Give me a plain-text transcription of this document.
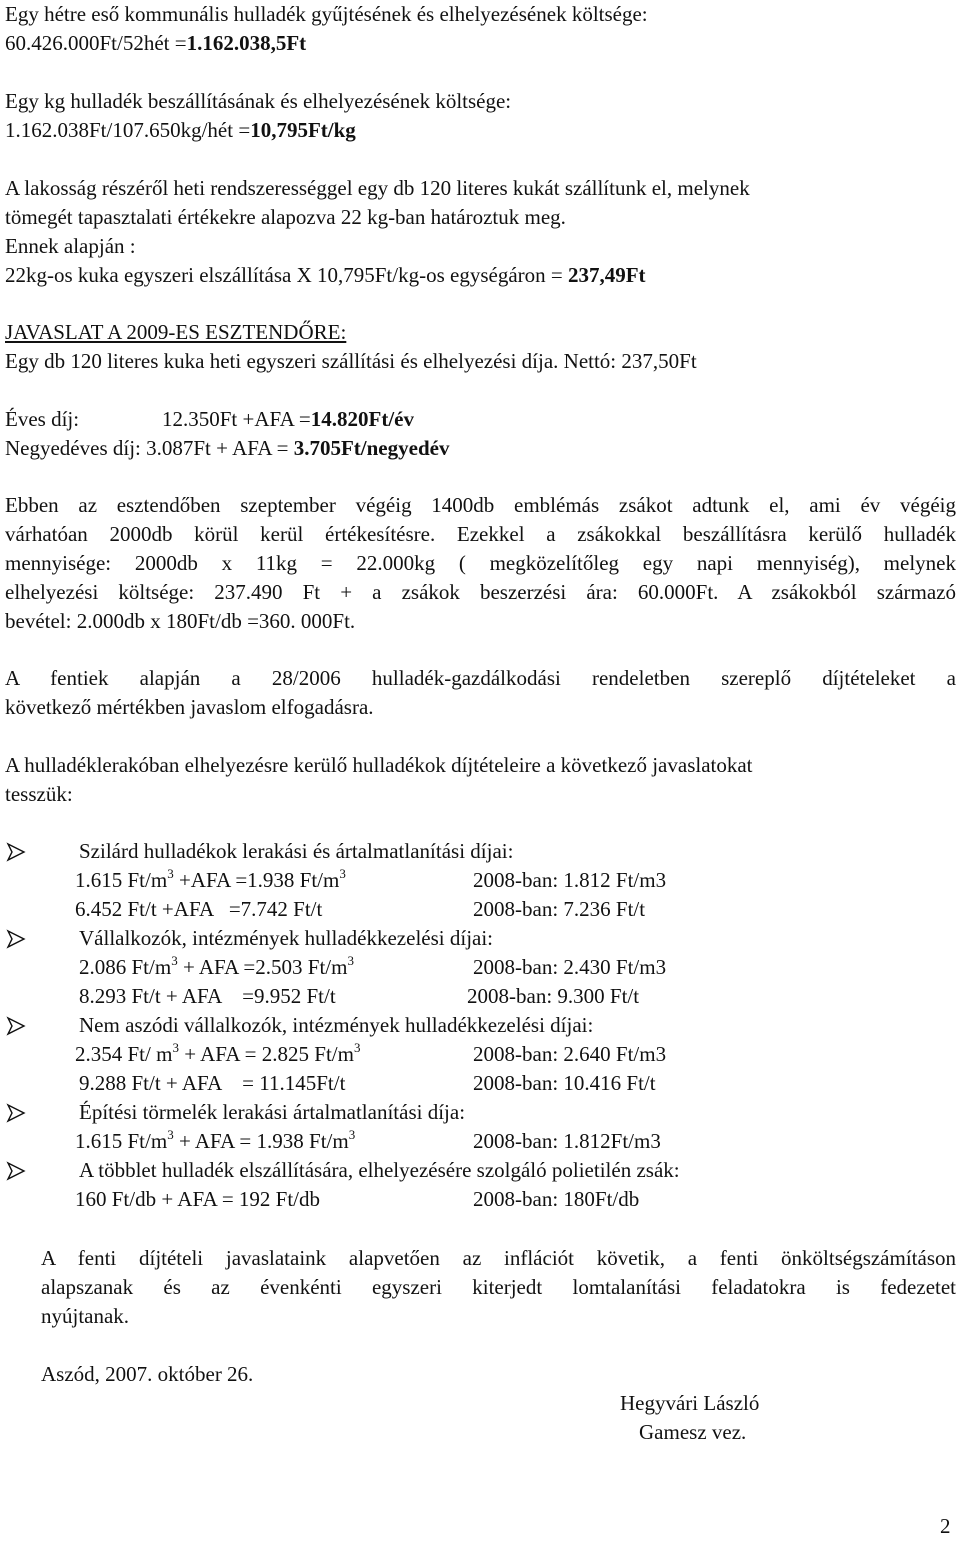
Egy hétre eső kommunális hulladék gyűjtésének és elhelyezésének költsége:
60.426.000Ft/52hét =1.162.038,5Ft
Egy kg hulladék beszállításának és elhelyezésének költsége:
1.162.038Ft/107.650kg/hét =10,795Ft/kg
A lakosság részéről heti rendszerességgel egy db 120 literes kukát szállítunk el, melynek
tömegét tapasztalati értékekre alapozva 22 kg-ban határoztuk meg.
Ennek alapján :
22kg-os kuka egyszeri elszállítása X 10,795Ft/kg-os egységáron = 237,49Ft
JAVASLAT A 2009-ES ESZTENDŐRE:
Egy db 120 literes kuka heti egyszeri szállítási és elhelyezési díja. Nettó: 237,50Ft
Éves díj:	12.350Ft +AFA =14.820Ft/év
Negyedéves díj: 3.087Ft + AFA = 3.705Ft/negyedév
Ebben az esztendőben szeptember végéig 1400db emblémás zsákot adtunk el, ami év végéig
várhatóan 2000db körül kerül értékesítésre. Ezekkel a zsákokkal beszállításra kerülő hulladék
mennyisége: 2000db x 11kg = 22.000kg ( megközelítőleg egy napi mennyiség), melynek
elhelyezési költsége: 237.490 Ft + a zsákok beszerzési ára: 60.000Ft. A zsákokból származó
bevétel: 2.000db x 180Ft/db =360. 000Ft.
A fentiek alapján a 28/2006 hulladék-gazdálkodási rendeletben szereplő díjtételeket a
következő mértékben javaslom elfogadásra.
A hulladéklerakóban elhelyezésre kerülő hulladékok díjtételeire a következő javaslatokat
tesszük:
Szilárd hulladékok lerakási és ártalmatlanítási díjai:
1.615 $Ft/m^3 +AFA =1.938$ $Ft/m^3$	2008-ban: 1.812 Ft/m3
6.452 Ft/t +AFA   =7.742 Ft/t	2008-ban: 7.236 Ft/t
Vállalkozók, intézmények hulladékkezelési díjai:
2.086 $Ft/m^3$ + AFA =2.503 $Ft/m^3$	2008-ban: 2.430 Ft/m3
8.293 Ft/t + AFA    =9.952 Ft/t	2008-ban: 9.300 Ft/t
Nem aszódi vállalkozók, intézmények hulladékkezelési díjai:
2.354 Ft/ $m^3$ + AFA = 2.825 $Ft/m^3$	2008-ban: 2.640 Ft/m3
9.288 Ft/t + AFA    = 11.145Ft/t	2008-ban: 10.416 Ft/t
Építési törmelék lerakási ártalmatlanítási díja:
1.615 $Ft/m^3$ + AFA = 1.938 $Ft/m^3$	2008-ban: 1.812Ft/m3
A többlet hulladék elszállítására, elhelyezésére szolgáló polietilén zsák:
160 Ft/db + AFA = 192 Ft/db	2008-ban: 180Ft/db
A fenti díjtételi javaslataink alapvetően az inflációt követik, a fenti önköltségszámításon
alapszanak és az évenkénti egyszeri kiterjedt lomtalanítási feladatokra is fedezetet
nyújtanak.
Aszód, 2007. október 26.
Hegyvári László
Gamesz vez.
2
